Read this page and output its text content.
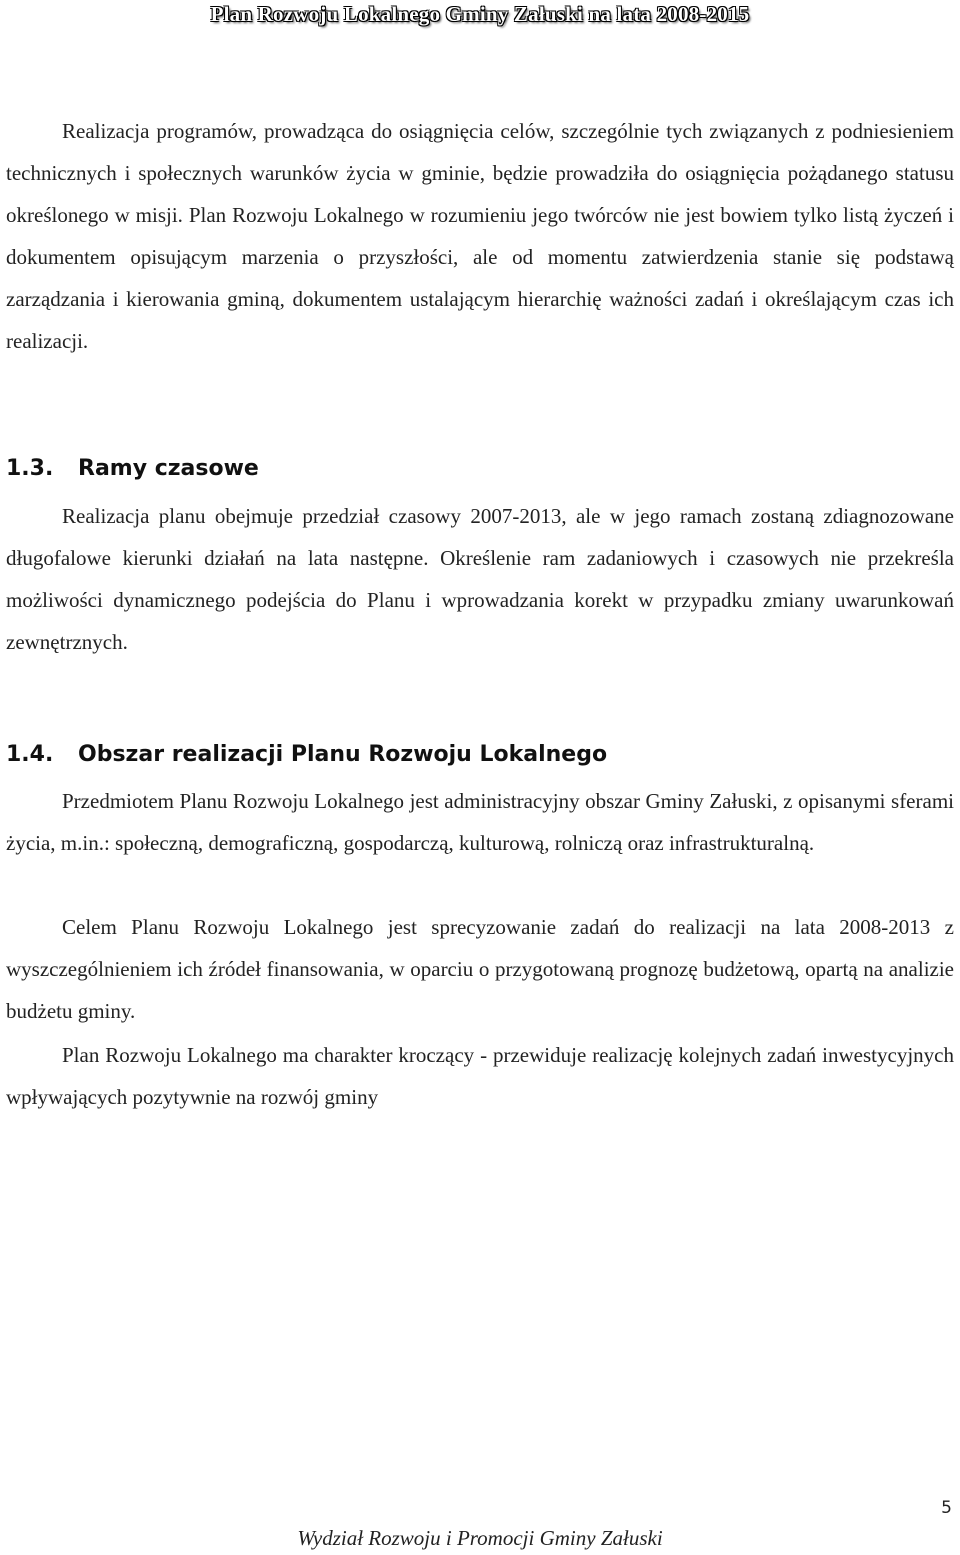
Plan Rozwoju Lokalnego Gminy Załuski na lata 2008-2015

Realizacja programów, prowadząca do osiągnięcia celów, szczególnie tych związanych z podniesieniem technicznych i społecznych warunków życia w gminie, będzie prowadziła do osiągnięcia pożądanego statusu określonego w misji. Plan Rozwoju Lokalnego w rozumieniu jego twórców nie jest bowiem tylko listą życzeń i dokumentem opisującym marzenia o przyszłości, ale od momentu zatwierdzenia stanie się podstawą zarządzania i kierowania gminą, dokumentem ustalającym hierarchię ważności zadań i określającym czas ich realizacji.

1.3. Ramy czasowe

Realizacja planu obejmuje przedział czasowy 2007-2013, ale w jego ramach zostaną zdiagnozowane długofalowe kierunki działań na lata następne. Określenie ram zadaniowych i czasowych nie przekreśla możliwości dynamicznego podejścia do Planu i wprowadzania korekt w przypadku zmiany uwarunkowań zewnętrznych.

1.4. Obszar realizacji Planu Rozwoju Lokalnego

Przedmiotem Planu Rozwoju Lokalnego jest administracyjny obszar Gminy Załuski, z opisanymi sferami życia, m.in.: społeczną, demograficzną, gospodarczą, kulturową, rolniczą oraz infrastrukturalną.

Celem Planu Rozwoju Lokalnego jest sprecyzowanie zadań do realizacji na lata 2008-2013 z wyszczególnieniem ich źródeł finansowania, w oparciu o przygotowaną prognozę budżetową, opartą na analizie budżetu gminy.

Plan Rozwoju Lokalnego ma charakter kroczący - przewiduje realizację kolejnych zadań inwestycyjnych wpływających pozytywnie na rozwój gminy

5
Wydział Rozwoju i Promocji Gminy Załuski
